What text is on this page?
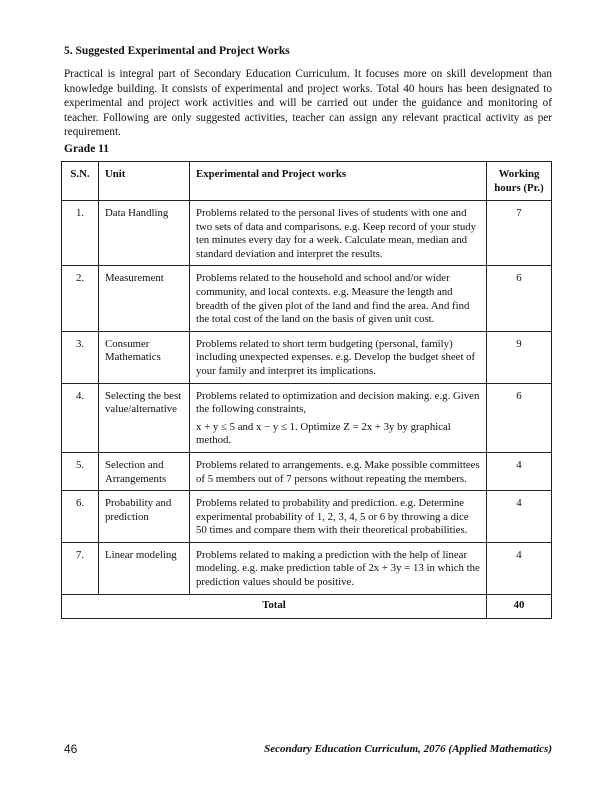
5. Suggested Experimental and Project Works

Practical is integral part of Secondary Education Curriculum. It focuses more on skill development than knowledge building. It consists of experimental and project works. Total 40 hours has been designated to experimental and project work activities and will be carried out under the guidance and monitoring of teacher. Following are only suggested activities, teacher can assign any relevant practical activity as per requirement.

Grade 11
S.N.	Unit	Experimental and Project works	Working
hours (Pr.)
1.	Data Handling	Problems related to the personal lives of students with one and two sets of data and comparisons. e.g. Keep record of your study ten minutes every day for a week. Calculate mean, median and standard deviation and interpret the results.	7
2.	Measurement	Problems related to the household and school and/or wider community, and local contexts. e.g. Measure the length and breadth of the given plot of the land and find the area. And find the total cost of the land on the basis of given unit cost.	6
3.	Consumer Mathematics	Problems related to short term budgeting (personal, family) including unexpected expenses. e.g. Develop the budget sheet of your family and interpret its implications.	9
4.	Selecting the best value/alternative	Problems related to optimization and decision making. e.g. Given the following constraints,
x + y ≤ 5 and x − y ≤ 1. Optimize Z = 2x + 3y by graphical method.	6
5.	Selection and Arrangements	Problems related to arrangements. e.g. Make possible committees of 5 members out of 7 persons without repeating the members.	4
6.	Probability and prediction	Problems related to probability and prediction. e.g. Determine experimental probability of 1, 2, 3, 4, 5 or 6 by throwing a dice 50 times and compare them with their theoretical probabilities.	4
7.	Linear modeling	Problems related to making a prediction with the help of linear modeling. e.g. make prediction table of 2x + 3y = 13 in which the prediction values should be positive.	4
Total			40
46	Secondary Education Curriculum, 2076 (Applied Mathematics)
